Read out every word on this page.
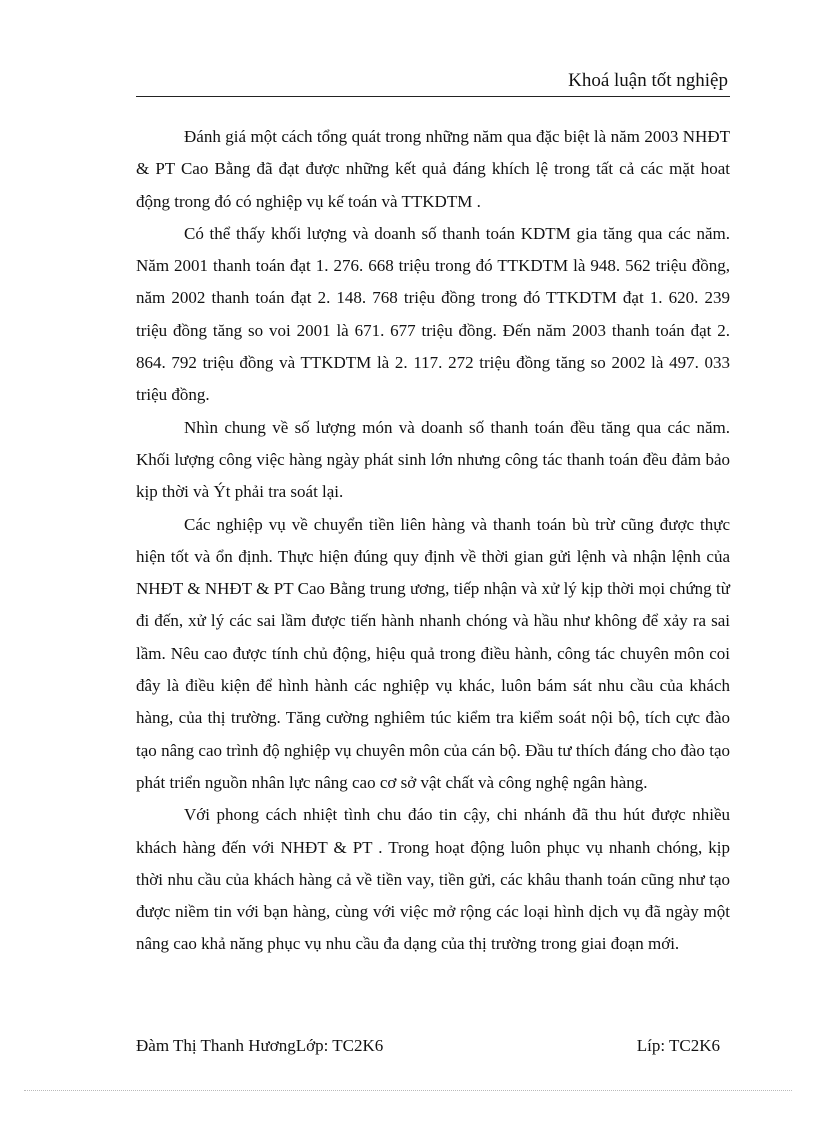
Khoá luận tốt nghiệp

Đánh giá một cách tổng quát trong những năm qua đặc biệt là năm 2003 NHĐT & PT Cao Bằng đã đạt được những kết quả đáng khích lệ trong tất cả các mặt hoat động trong đó có nghiệp vụ kế toán và TTKDTM .

Có thể thấy khối lượng và doanh số thanh toán KDTM gia tăng qua các năm. Năm 2001 thanh toán đạt 1. 276. 668 triệu trong đó TTKDTM là 948. 562 triệu đồng, năm 2002 thanh toán đạt 2. 148. 768 triệu đồng trong đó TTKDTM đạt 1. 620. 239 triệu đồng tăng so voi 2001 là 671. 677 triệu đồng. Đến năm 2003 thanh toán đạt 2. 864. 792 triệu đồng và TTKDTM là 2. 117. 272 triệu đồng tăng so 2002 là 497. 033 triệu đồng.

Nhìn chung về số lượng món và doanh số thanh toán đều tăng qua các năm. Khối lượng công việc hàng ngày phát sinh lớn nhưng công tác thanh toán đều đảm bảo kịp thời và Ýt phải tra soát lại.

Các nghiệp vụ về chuyển tiền liên hàng và thanh toán bù trừ cũng được thực hiện tốt và ổn định. Thực hiện đúng quy định về thời gian gửi lệnh và nhận lệnh của NHĐT & NHĐT & PT Cao Bằng trung ương, tiếp nhận và xử lý kịp thời mọi chứng từ đi đến, xử lý các sai lầm được tiến hành nhanh chóng và hầu như không để xảy ra sai lầm. Nêu cao được tính chủ động, hiệu quả trong điều hành, công tác chuyên môn coi đây là điều kiện để hình hành các nghiệp vụ khác, luôn bám sát nhu cầu của khách hàng, của thị trường. Tăng cường nghiêm túc kiểm tra kiểm soát nội bộ, tích cực đào tạo nâng cao trình độ nghiệp vụ chuyên môn của cán bộ. Đầu tư thích đáng cho đào tạo phát triển nguồn nhân lực nâng cao cơ sở vật chất và công nghệ ngân hàng.

Với phong cách nhiệt tình chu đáo tin cậy, chi nhánh đã thu hút được nhiều khách hàng đến với NHĐT & PT . Trong hoạt động luôn phục vụ nhanh chóng, kịp thời nhu cầu của khách hàng cả về tiền vay, tiền gửi, các khâu thanh toán cũng như tạo được niềm tin với bạn hàng, cùng với việc mở rộng các loại hình dịch vụ đã ngày một nâng cao khả năng phục vụ nhu cầu đa dạng của thị trường trong giai đoạn mới.

Đàm Thị Thanh HươngLớp: TC2K6	Líp: TC2K6
